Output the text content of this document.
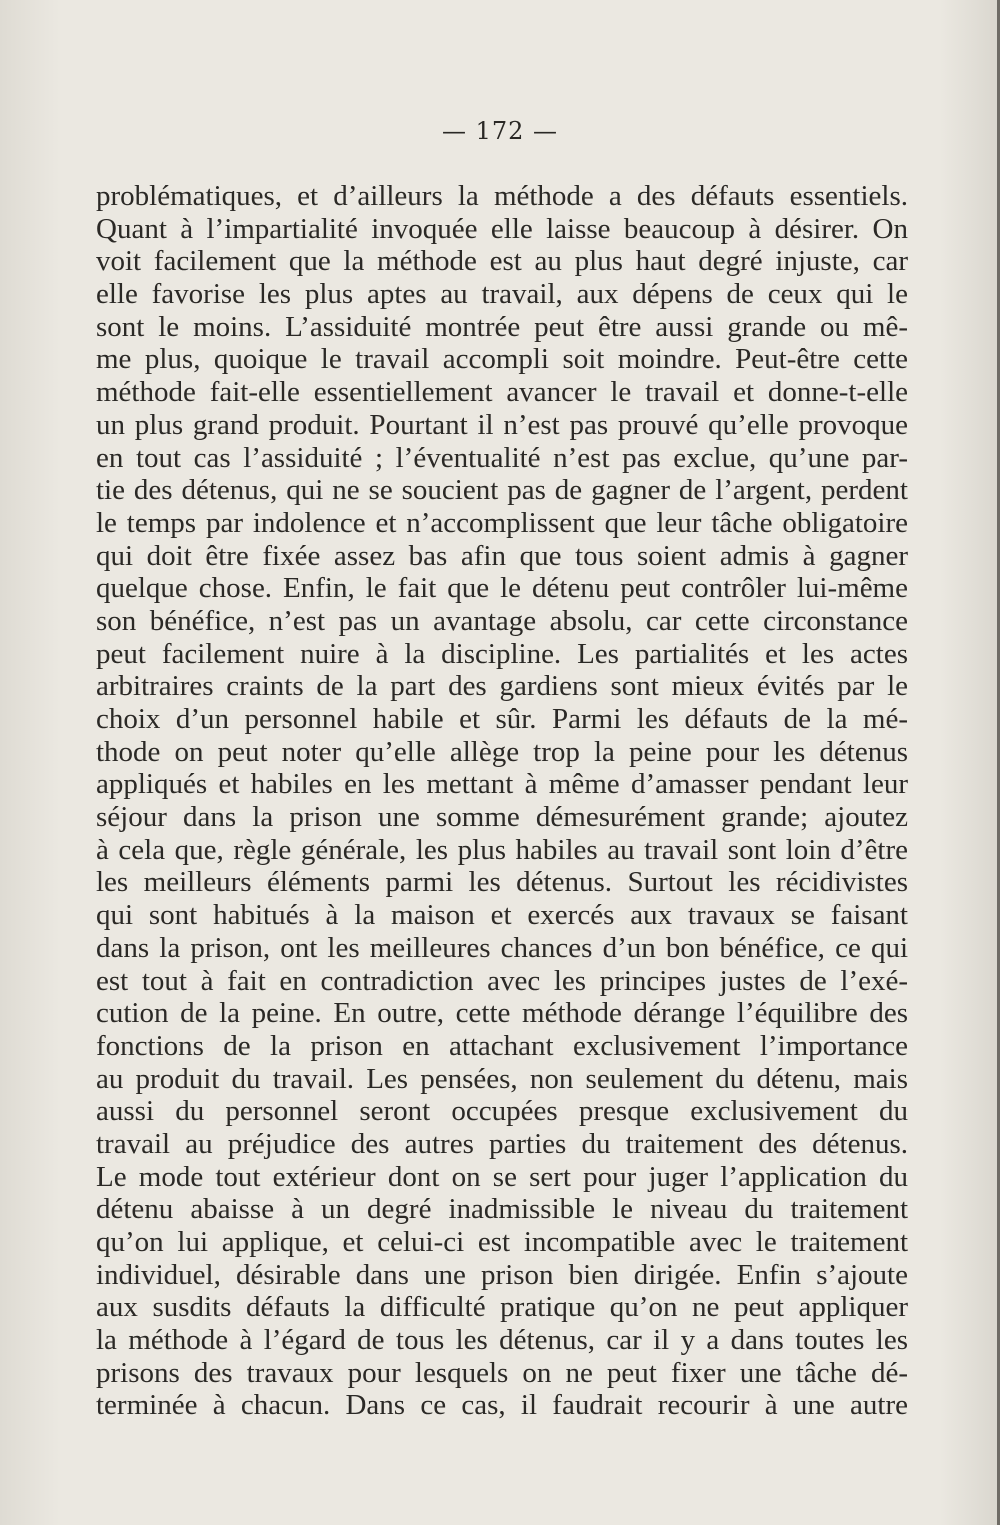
— 172 —
problématiques, et d’ailleurs la méthode a des défauts essentiels.
Quant à l’impartialité invoquée elle laisse beaucoup à désirer. On
voit facilement que la méthode est au plus haut degré injuste, car
elle favorise les plus aptes au travail, aux dépens de ceux qui le
sont le moins. L’assiduité montrée peut être aussi grande ou mê-
me plus, quoique le travail accompli soit moindre. Peut-être cette
méthode fait-elle essentiellement avancer le travail et donne-t-elle
un plus grand produit. Pourtant il n’est pas prouvé qu’elle provoque
en tout cas l’assiduité ; l’éventualité n’est pas exclue, qu’une par-
tie des détenus, qui ne se soucient pas de gagner de l’argent, perdent
le temps par indolence et n’accomplissent que leur tâche obligatoire
qui doit être fixée assez bas afin que tous soient admis à gagner
quelque chose. Enfin, le fait que le détenu peut contrôler lui-même
son bénéfice, n’est pas un avantage absolu, car cette circonstance
peut facilement nuire à la discipline. Les partialités et les actes
arbitraires craints de la part des gardiens sont mieux évités par le
choix d’un personnel habile et sûr. Parmi les défauts de la mé-
thode on peut noter qu’elle allège trop la peine pour les détenus
appliqués et habiles en les mettant à même d’amasser pendant leur
séjour dans la prison une somme démesurément grande; ajoutez
à cela que, règle générale, les plus habiles au travail sont loin d’être
les meilleurs éléments parmi les détenus. Surtout les récidivistes
qui sont habitués à la maison et exercés aux travaux se faisant
dans la prison, ont les meilleures chances d’un bon bénéfice, ce qui
est tout à fait en contradiction avec les principes justes de l’exé-
cution de la peine. En outre, cette méthode dérange l’équilibre des
fonctions de la prison en attachant exclusivement l’importance
au produit du travail. Les pensées, non seulement du détenu, mais
aussi du personnel seront occupées presque exclusivement du
travail au préjudice des autres parties du traitement des détenus.
Le mode tout extérieur dont on se sert pour juger l’application du
détenu abaisse à un degré inadmissible le niveau du traitement
qu’on lui applique, et celui-ci est incompatible avec le traitement
individuel, désirable dans une prison bien dirigée. Enfin s’ajoute
aux susdits défauts la difficulté pratique qu’on ne peut appliquer
la méthode à l’égard de tous les détenus, car il y a dans toutes les
prisons des travaux pour lesquels on ne peut fixer une tâche dé-
terminée à chacun. Dans ce cas, il faudrait recourir à une autre
